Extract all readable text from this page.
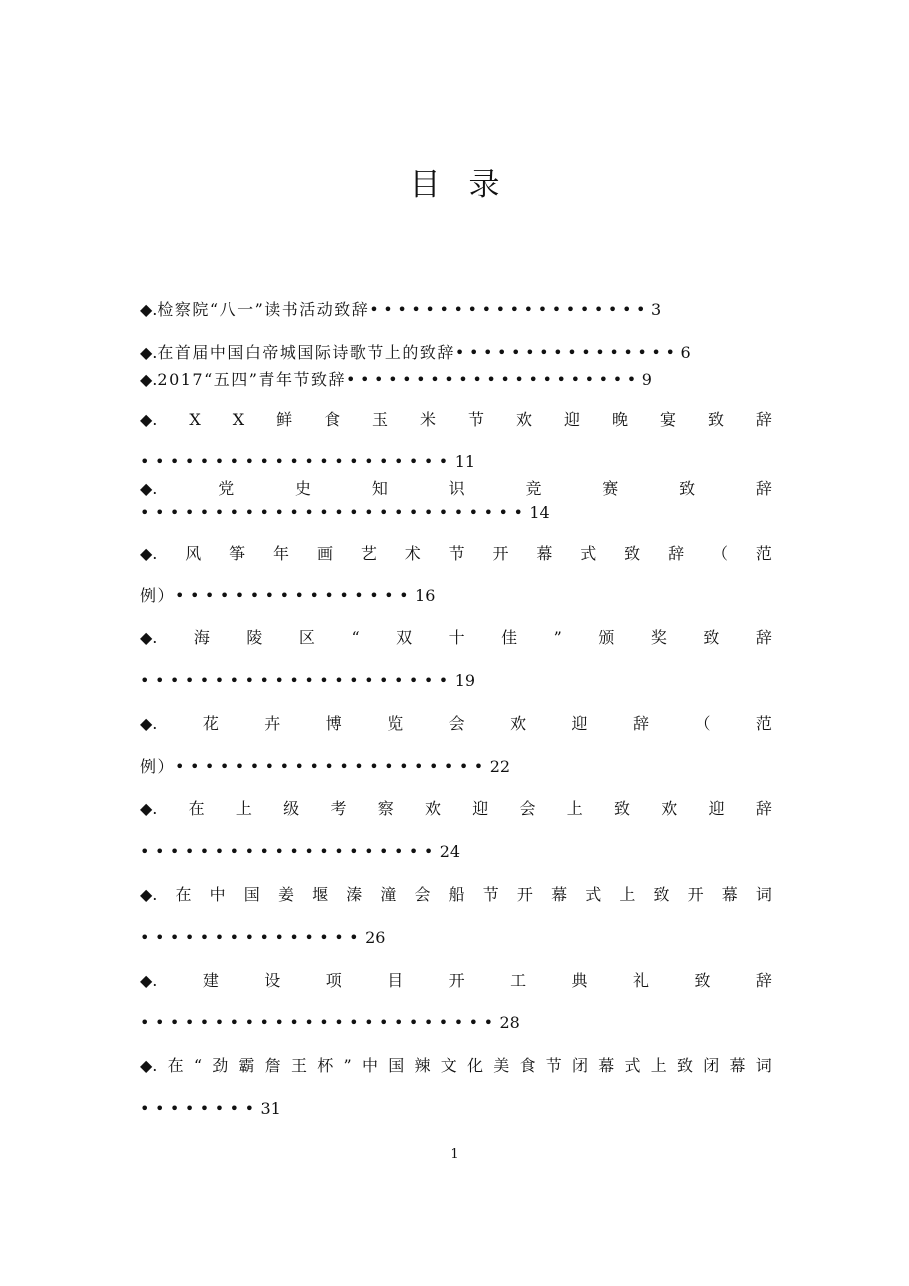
目录
◆. 检察院“八一”读书活动致辞 •••••••••••••••••••• 3
◆. 在首届中国白帝城国际诗歌节上的致辞 •••••••••••••••• 6
◆. 2017“五四”青年节致辞 ••••••••••••••••••••• 9
◆. X X 鲜 食 玉 米 节 欢 迎 晚 宴 致 辞
••••••••••••••••••••• 11
◆.	党	史	知	识	竞	赛	致	辞
•••••••••••••••••••••••••• 14
◆. 风 筝 年 画 艺 术 节 开 幕 式 致 辞 （ 范
例） •••••••••••••••• 16
◆. 海 陵 区 “ 双 十 佳 ” 颁 奖 致 辞
••••••••••••••••••••• 19
◆.	花	卉	博	览	会	欢	迎	辞	（	范
例） ••••••••••••••••••••• 22
◆. 在 上 级 考 察 欢 迎 会 上 致 欢 迎 辞
•••••••••••••••••••• 24
◆. 在 中 国 姜 堰 溱 潼 会 船 节 开 幕 式 上 致 开 幕 词
••••••••••••••• 26
◆.	建	设	项	目	开	工	典	礼	致	辞
•••••••••••••••••••••••• 28
◆. 在 “ 劲 霸 詹 王 杯 ” 中 国 辣 文 化 美 食 节 闭 幕 式 上 致 闭 幕 词
•••••••• 31
1
